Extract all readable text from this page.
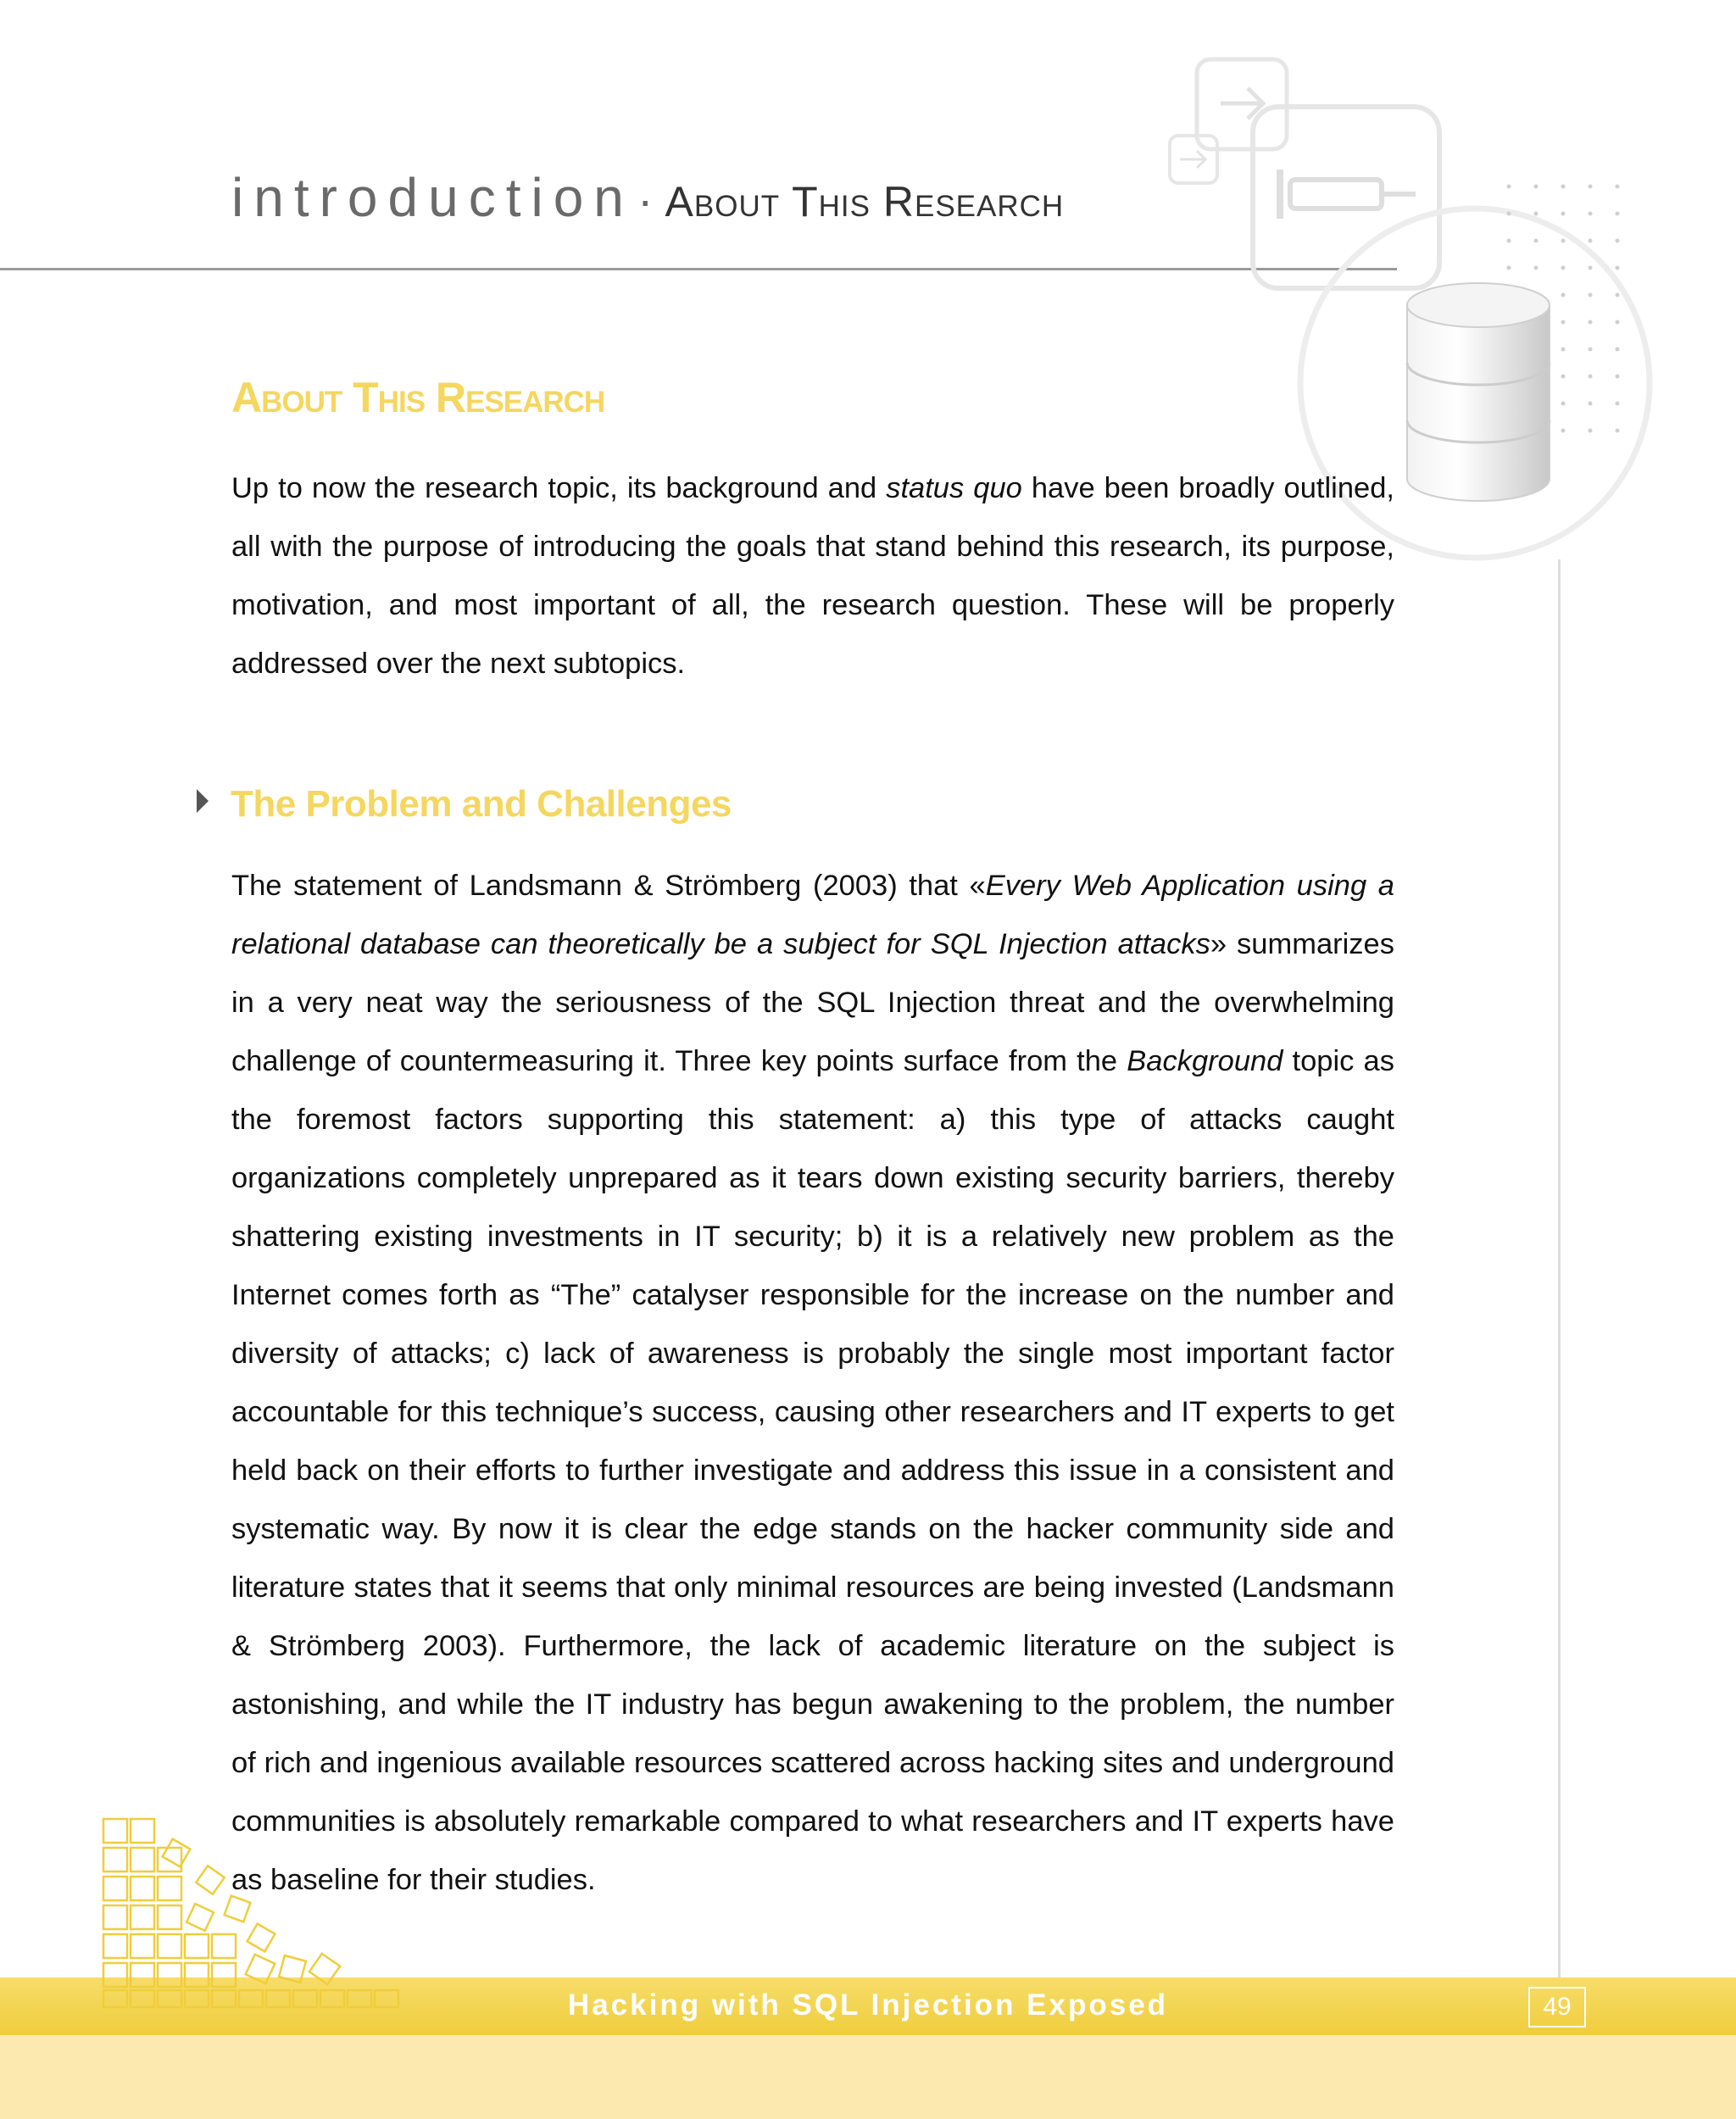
introduction· About This Research
About This Research

Up to now the research topic, its background and status quo have been broadly outlined, all with the purpose of introducing the goals that stand behind this research, its purpose, motivation, and most important of all, the research question. These will be properly addressed over the next subtopics.

The Problem and Challenges

The statement of Landsmann & Strömberg (2003) that «Every Web Application using a relational database can theoretically be a subject for SQL Injection attacks» summarizes in a very neat way the seriousness of the SQL Injection threat and the overwhelming challenge of countermeasuring it. Three key points surface from the Background topic as the foremost factors supporting this statement: a) this type of attacks caught organizations completely unprepared as it tears down existing security barriers, thereby shattering existing investments in IT security; b) it is a relatively new problem as the Internet comes forth as “The” catalyser responsible for the increase on the number and diversity of attacks; c) lack of awareness is probably the single most important factor accountable for this technique’s success, causing other researchers and IT experts to get held back on their efforts to further investigate and address this issue in a consistent and systematic way. By now it is clear the edge stands on the hacker community side and literature states that it seems that only minimal resources are being invested (Landsmann & Strömberg 2003). Furthermore, the lack of academic literature on the subject is astonishing, and while the IT industry has begun awakening to the problem, the number of rich and ingenious available resources scattered across hacking sites and underground communities is absolutely remarkable compared to what researchers and IT experts have as baseline for their studies.

Hacking with SQL Injection Exposed	49
